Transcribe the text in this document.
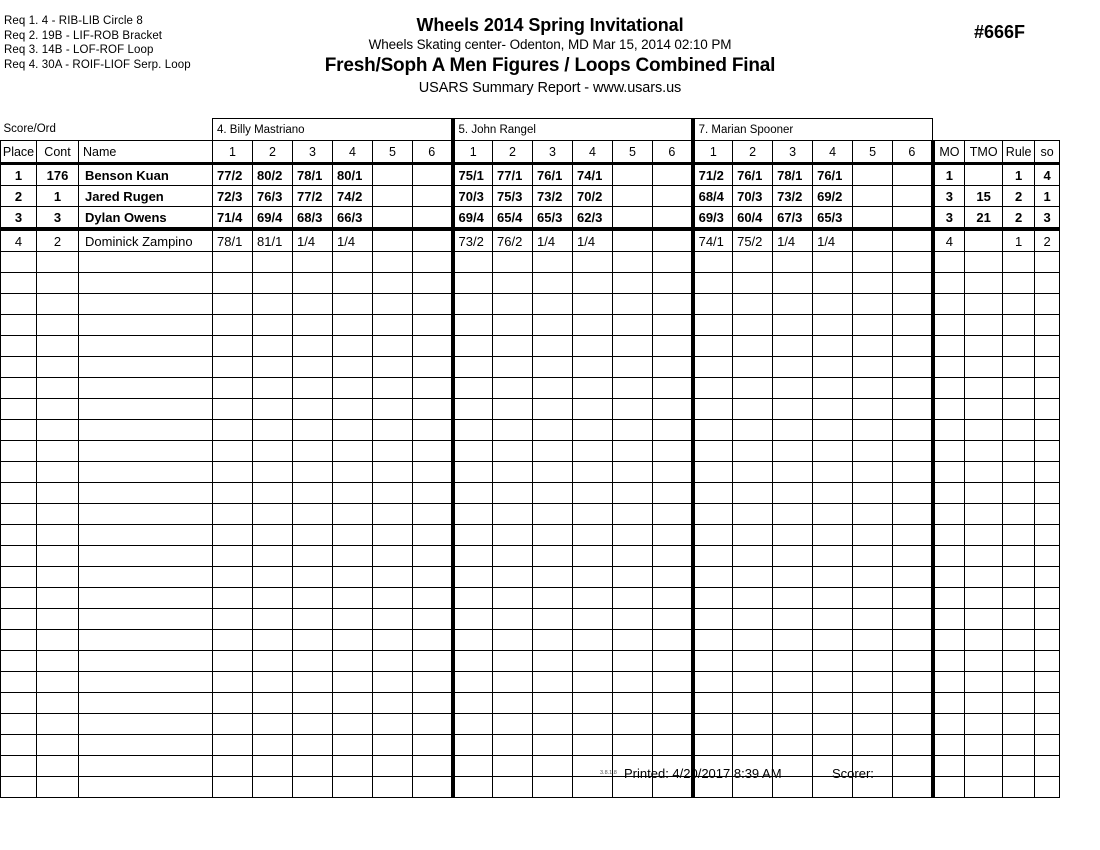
Req 1. 4 - RIB-LIB Circle 8
Req 2. 19B - LIF-ROB Bracket
Req 3. 14B - LOF-ROF Loop
Req 4. 30A - ROIF-LIOF Serp. Loop
Wheels 2014 Spring Invitational
Wheels Skating center- Odenton, MD Mar 15, 2014 02:10 PM
Fresh/Soph A Men Figures / Loops Combined Final
USARS Summary Report - www.usars.us
#666F
Score/Ord			4. Billy Mastriano						5. John Rangel						7. Marian Spooner									
Place	Cont	Name	1	2	3	4	5	6	1	2	3	4	5	6	1	2	3	4	5	6	MO	TMO	Rule	so
1	176	Benson Kuan	77/2	80/2	78/1	80/1			75/1	77/1	76/1	74/1			71/2	76/1	78/1	76/1			1		1	4
2	1	Jared Rugen	72/3	76/3	77/2	74/2			70/3	75/3	73/2	70/2			68/4	70/3	73/2	69/2			3	15	2	1
3	3	Dylan Owens	71/4	69/4	68/3	66/3			69/4	65/4	65/3	62/3			69/3	60/4	67/3	65/3			3	21	2	3
4	2	Dominick Zampino	78/1	81/1	1/4	1/4			73/2	76/2	1/4	1/4			74/1	75/2	1/4	1/4			4		1	2

3.8.1.8 Printed: 4/20/2017 8:39 AM	Scorer:
